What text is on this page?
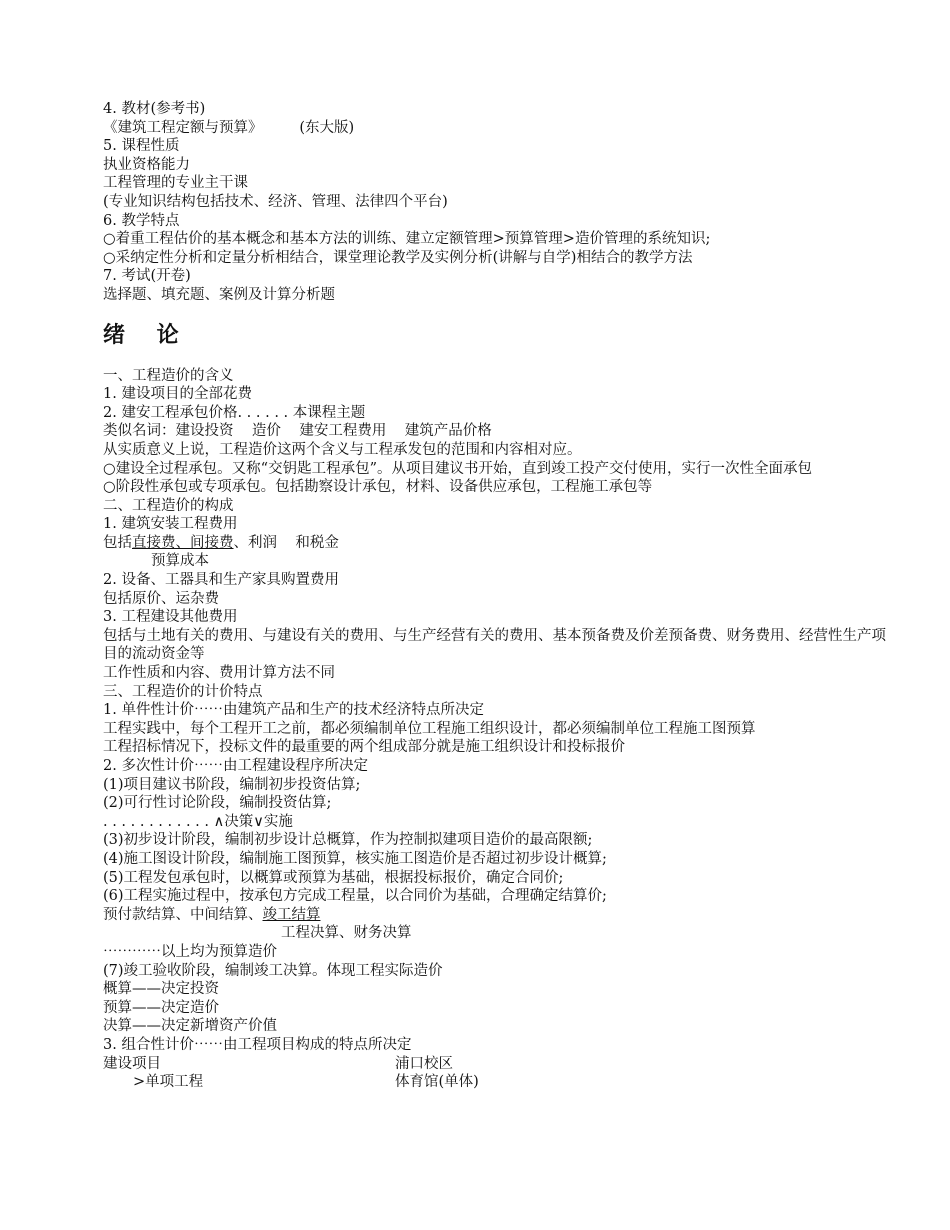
4. 教材(参考书)

《建筑工程定额与预算》        (东大版)

5. 课程性质

执业资格能力

工程管理的专业主干课

(专业知识结构包括技术、经济、管理、法律四个平台)

6. 教学特点

○着重工程估价的基本概念和基本方法的训练、建立定额管理>预算管理>造价管理的系统知识;

○采纳定性分析和定量分析相结合，课堂理论教学及实例分析(讲解与自学)相结合的教学方法

7. 考试(开卷)

选择题、填充题、案例及计算分析题

绪 论

一、工程造价的含义

1. 建设项目的全部花费

2. 建安工程承包价格. . . . . . 本课程主题

类似名词：建设投资    造价    建安工程费用    建筑产品价格

从实质意义上说，工程造价这两个含义与工程承发包的范围和内容相对应。

○建设全过程承包。又称“交钥匙工程承包”。从项目建议书开始，直到竣工投产交付使用，实行一次性全面承包

○阶段性承包或专项承包。包括勘察设计承包，材料、设备供应承包，工程施工承包等

二、工程造价的构成

1. 建筑安装工程费用

包括直接费、间接费、利润    和税金

预算成本

2. 设备、工器具和生产家具购置费用

包括原价、运杂费

3. 工程建设其他费用

包括与土地有关的费用、与建设有关的费用、与生产经营有关的费用、基本预备费及价差预备费、财务费用、经营性生产项目的流动资金等

工作性质和内容、费用计算方法不同

三、工程造价的计价特点

1. 单件性计价⋯⋯由建筑产品和生产的技术经济特点所决定

工程实践中，每个工程开工之前，都必须编制单位工程施工组织设计，都必须编制单位工程施工图预算

工程招标情况下，投标文件的最重要的两个组成部分就是施工组织设计和投标报价

2. 多次性计价⋯⋯由工程建设程序所决定

(1)项目建议书阶段，编制初步投资估算;

(2)可行性讨论阶段，编制投资估算;

. . . . . . . . . . . . ∧决策∨实施

(3)初步设计阶段，编制初步设计总概算，作为控制拟建项目造价的最高限额;

(4)施工图设计阶段，编制施工图预算，核实施工图造价是否超过初步设计概算;

(5)工程发包承包时，以概算或预算为基础，根据投标报价，确定合同价;

(6)工程实施过程中，按承包方完成工程量，以合同价为基础，合理确定结算价;

预付款结算、中间结算、竣工结算

工程决算、财务决算

⋯⋯⋯⋯以上均为预算造价

(7)竣工验收阶段，编制竣工决算。体现工程实际造价

概算——决定投资

预算——决定造价

决算——决定新增资产价值

3. 组合性计价⋯⋯由工程项目构成的特点所决定

建设项目	浦口校区
>单项工程	体育馆(单体)
